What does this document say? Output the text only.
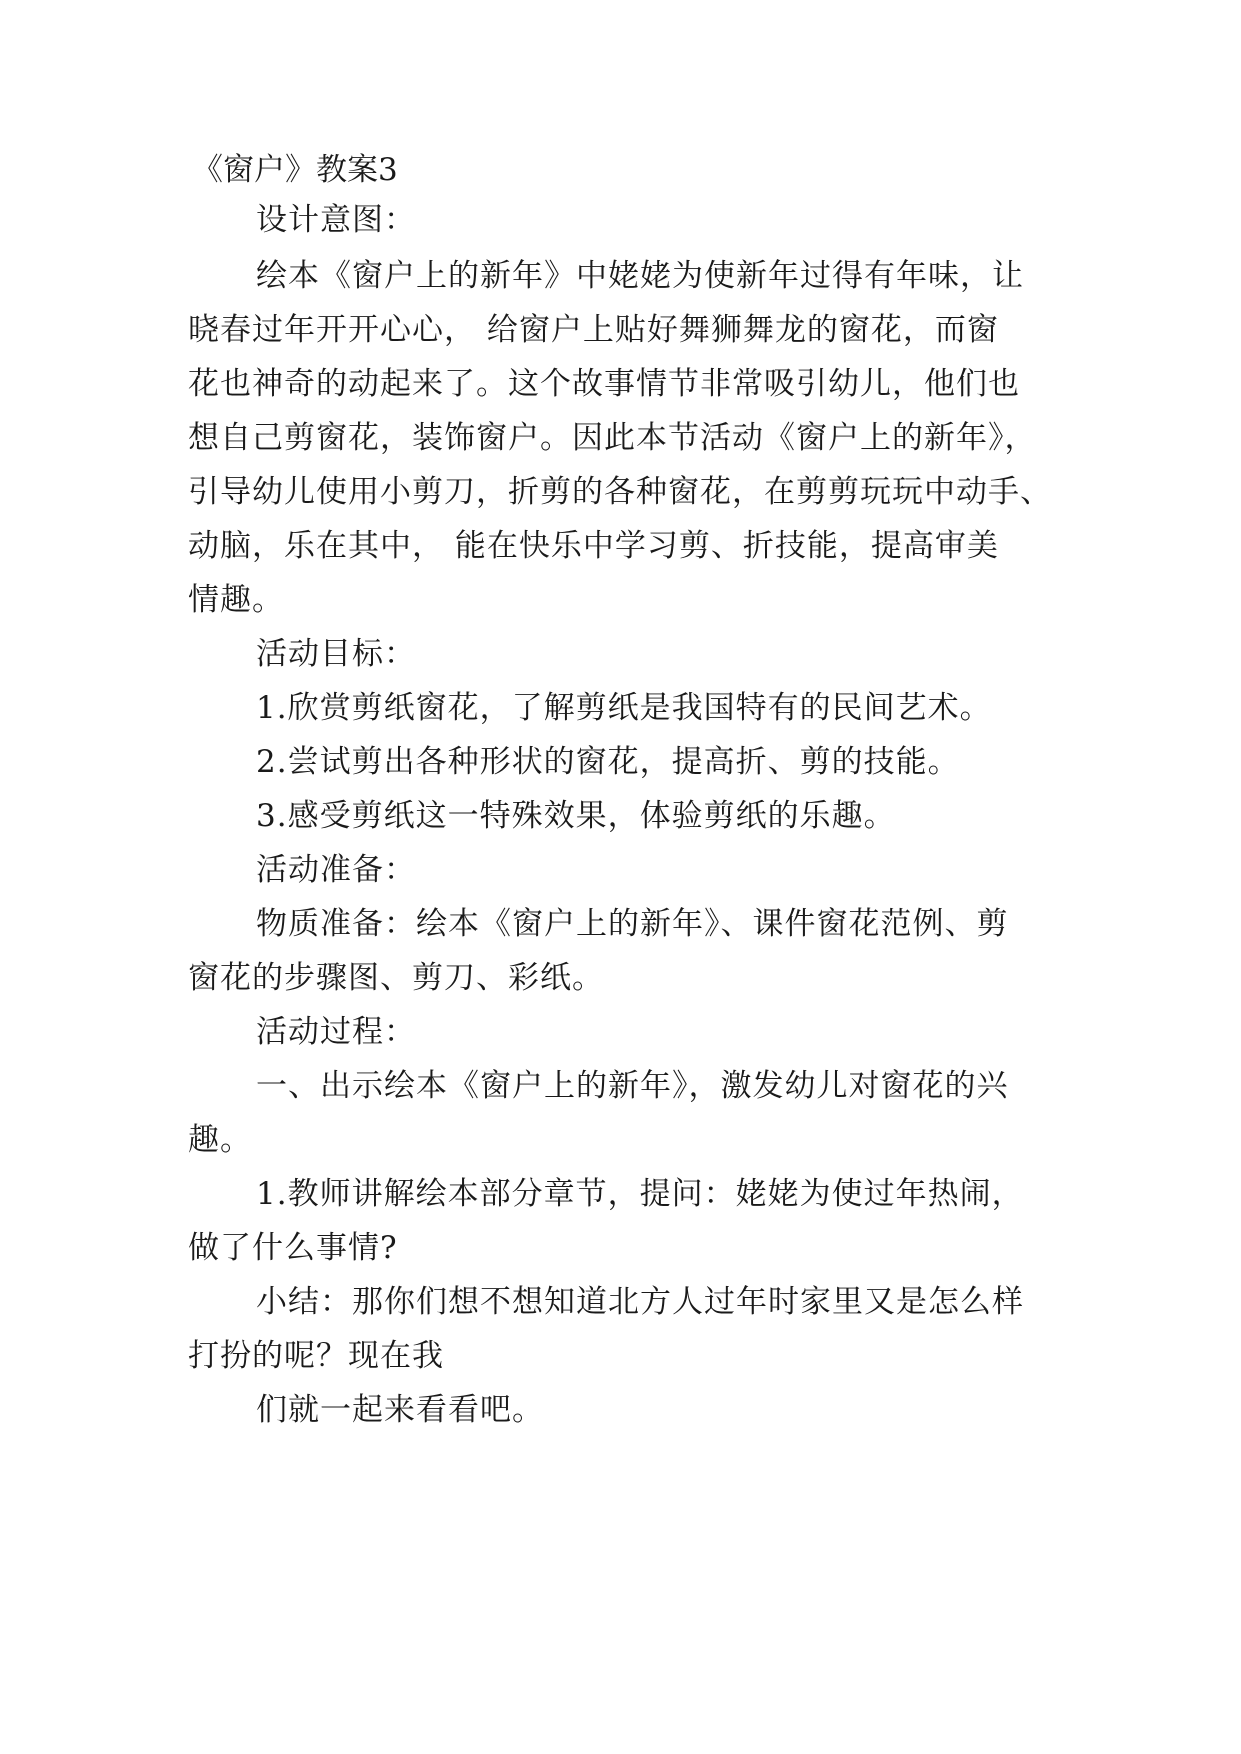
《窗户》教案3
设计意图：
绘本《窗户上的新年》中姥姥为使新年过得有年味，让
晓春过年开开心心， 给窗户上贴好舞狮舞龙的窗花，而窗
花也神奇的动起来了。这个故事情节非常吸引幼儿，他们也
想自己剪窗花，装饰窗户。因此本节活动《窗户上的新年》，
引导幼儿使用小剪刀，折剪的各种窗花，在剪剪玩玩中动手、
动脑，乐在其中， 能在快乐中学习剪、折技能，提高审美
情趣。
活动目标：
1.欣赏剪纸窗花，了解剪纸是我国特有的民间艺术。
2.尝试剪出各种形状的窗花，提高折、剪的技能。
3.感受剪纸这一特殊效果，体验剪纸的乐趣。
活动准备：
物质准备：绘本《窗户上的新年》、课件窗花范例、剪
窗花的步骤图、剪刀、彩纸。
活动过程：
一、出示绘本《窗户上的新年》，激发幼儿对窗花的兴
趣。
1.教师讲解绘本部分章节，提问：姥姥为使过年热闹，
做了什么事情?
小结：那你们想不想知道北方人过年时家里又是怎么样
打扮的呢？现在我
们就一起来看看吧。
